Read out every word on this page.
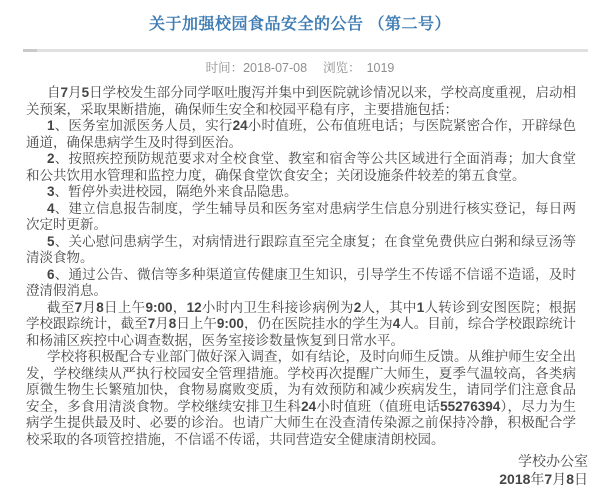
关于加强校园食品安全的公告 （第二号）
时间：2018-07-08 浏览： 1019

自7月5日学校发生部分同学呕吐腹泻并集中到医院就诊情况以来，学校高度重视，启动相关预案，采取果断措施，确保师生安全和校园平稳有序，主要措施包括：

1、医务室加派医务人员，实行24小时值班，公布值班电话；与医院紧密合作，开辟绿色通道，确保患病学生及时得到医治。

2、按照疾控预防规范要求对全校食堂、教室和宿舍等公共区域进行全面消毒；加大食堂和公共饮用水管理和监控力度，确保食堂饮食安全；关闭设施条件较差的第五食堂。

3、暂停外卖进校园，隔绝外来食品隐患。

4、建立信息报告制度，学生辅导员和医务室对患病学生信息分别进行核实登记，每日两次定时更新。

5、关心慰问患病学生，对病情进行跟踪直至完全康复；在食堂免费供应白粥和绿豆汤等清淡食物。

6、通过公告、微信等多种渠道宣传健康卫生知识，引导学生不传谣不信谣不造谣，及时澄清假消息。

截至7月8日上午9:00，12小时内卫生科接诊病例为2人，其中1人转诊到安图医院；根据学校跟踪统计，截至7月8日上午9:00，仍在医院挂水的学生为4人。目前，综合学校跟踪统计和杨浦区疾控中心调查数据，医务室接诊数量恢复到日常水平。

学校将积极配合专业部门做好深入调查，如有结论，及时向师生反馈。从维护师生安全出发，学校继续从严执行校园安全管理措施。学校再次提醒广大师生，夏季气温较高，各类病原微生物生长繁殖加快，食物易腐败变质，为有效预防和减少疾病发生，请同学们注意食品安全，多食用清淡食物。学校继续安排卫生科24小时值班（值班电话55276394），尽力为生病学生提供最及时、必要的诊治。也请广大师生在没查清传染源之前保持冷静，积极配合学校采取的各项管控措施，不信谣不传谣，共同营造安全健康清朗校园。

学校办公室
2018年7月8日
